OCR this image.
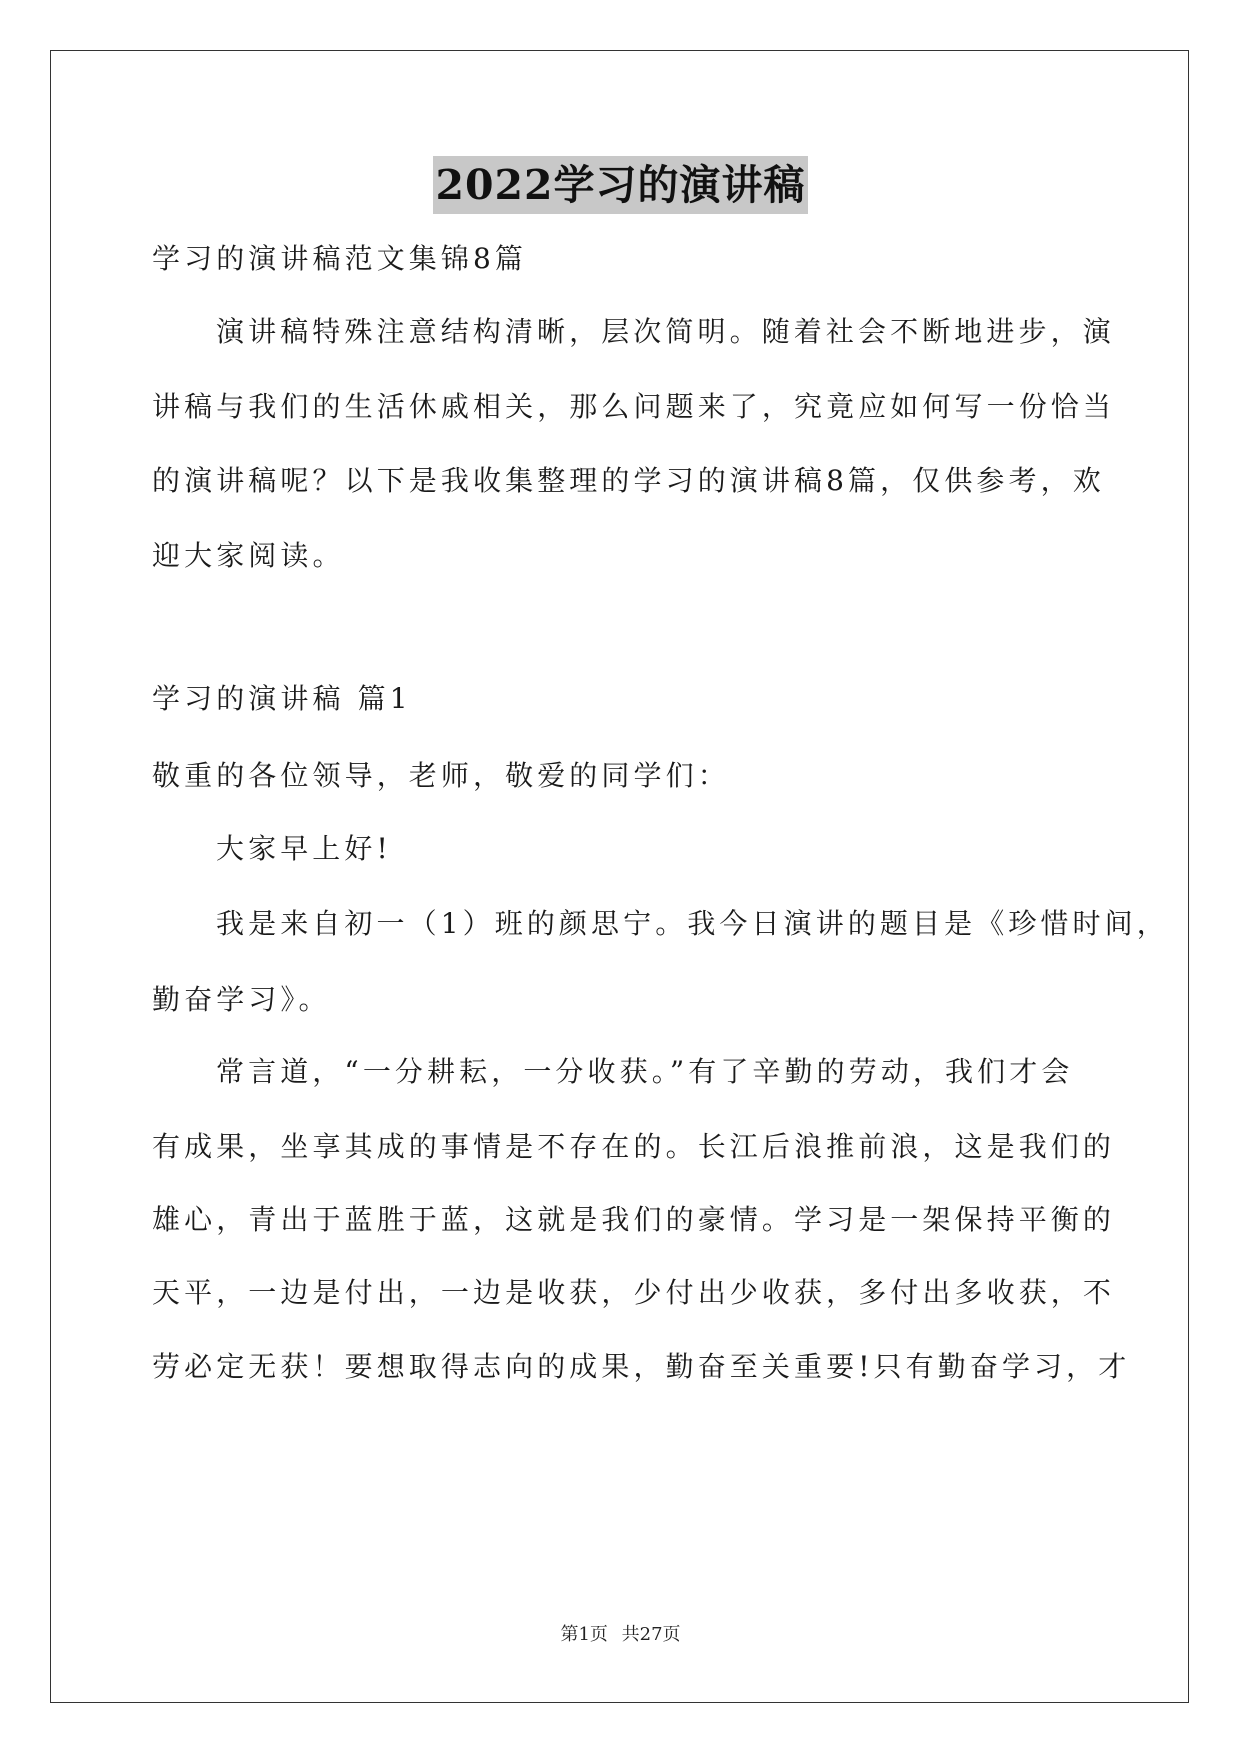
2022学习的演讲稿
学习的演讲稿范文集锦8篇
演讲稿特殊注意结构清晰，层次简明。随着社会不断地进步，演
讲稿与我们的生活休戚相关，那么问题来了，究竟应如何写一份恰当
的演讲稿呢？以下是我收集整理的学习的演讲稿8篇，仅供参考，欢
迎大家阅读。
学习的演讲稿 篇1
敬重的各位领导，老师，敬爱的同学们：
大家早上好!
我是来自初一（1）班的颜思宁。我今日演讲的题目是《珍惜时间，
勤奋学习》。
常言道，“一分耕耘，一分收获。”有了辛勤的劳动，我们才会
有成果，坐享其成的事情是不存在的。长江后浪推前浪，这是我们的
雄心，青出于蓝胜于蓝，这就是我们的豪情。学习是一架保持平衡的
天平，一边是付出，一边是收获，少付出少收获，多付出多收获，不
劳必定无获！要想取得志向的成果，勤奋至关重要!只有勤奋学习，才
第1页 共27页
